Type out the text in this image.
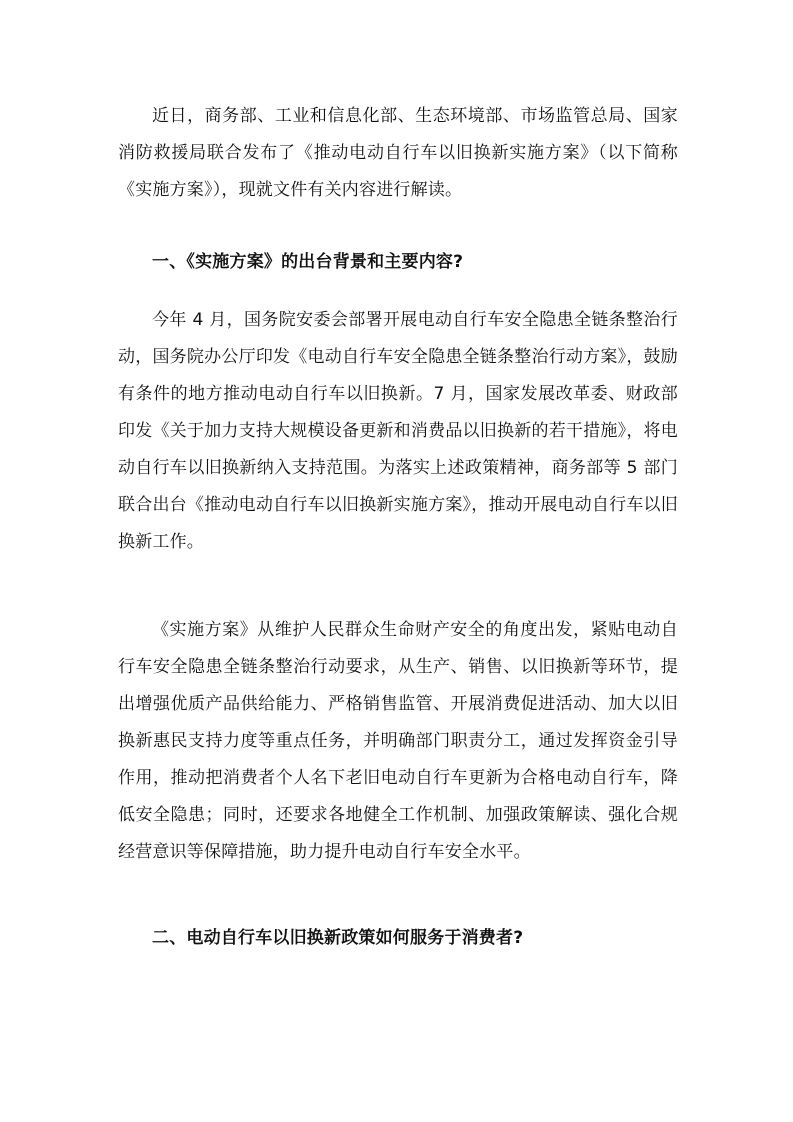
近日，商务部、工业和信息化部、生态环境部、市场监管总局、国家消防救援局联合发布了《推动电动自行车以旧换新实施方案》（以下简称《实施方案》），现就文件有关内容进行解读。

一、《实施方案》的出台背景和主要内容?

今年 4 月，国务院安委会部署开展电动自行车安全隐患全链条整治行动，国务院办公厅印发《电动自行车安全隐患全链条整治行动方案》，鼓励有条件的地方推动电动自行车以旧换新。7 月，国家发展改革委、财政部印发《关于加力支持大规模设备更新和消费品以旧换新的若干措施》，将电动自行车以旧换新纳入支持范围。为落实上述政策精神，商务部等 5 部门联合出台《推动电动自行车以旧换新实施方案》，推动开展电动自行车以旧换新工作。

《实施方案》从维护人民群众生命财产安全的角度出发，紧贴电动自行车安全隐患全链条整治行动要求，从生产、销售、以旧换新等环节，提出增强优质产品供给能力、严格销售监管、开展消费促进活动、加大以旧换新惠民支持力度等重点任务，并明确部门职责分工，通过发挥资金引导作用，推动把消费者个人名下老旧电动自行车更新为合格电动自行车，降低安全隐患；同时，还要求各地健全工作机制、加强政策解读、强化合规经营意识等保障措施，助力提升电动自行车安全水平。

二、电动自行车以旧换新政策如何服务于消费者?
